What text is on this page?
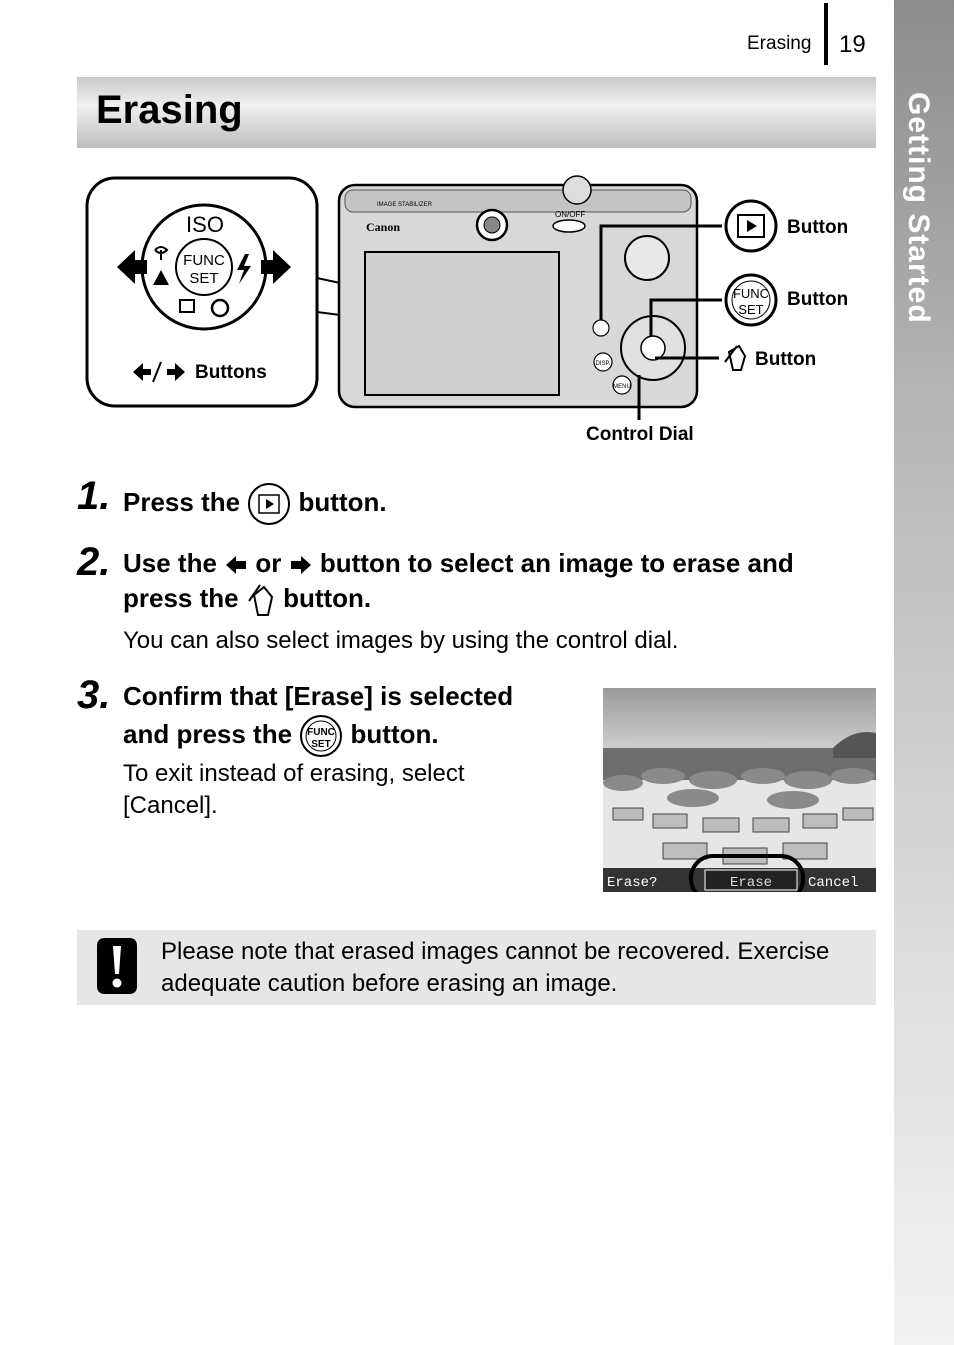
Erasing 19
Getting Started
Erasing
FUNC
SET
ISO
Buttons
Canon
IMAGE STABILIZER
ON/OFF
DISP.
MENU
Button
FUNC
SET Button
Button
Control Dial
1. Press the button.
2. Use the or button to select an image to erase and
press the button.
You can also select images by using the control dial.
3. Confirm that [Erase] is selected
and press the FUNC
SET button.
To exit instead of erasing, select
[Cancel].
Erase?	Erase	Cancel
Please note that erased images cannot be recovered. Exercise
adequate caution before erasing an image.
